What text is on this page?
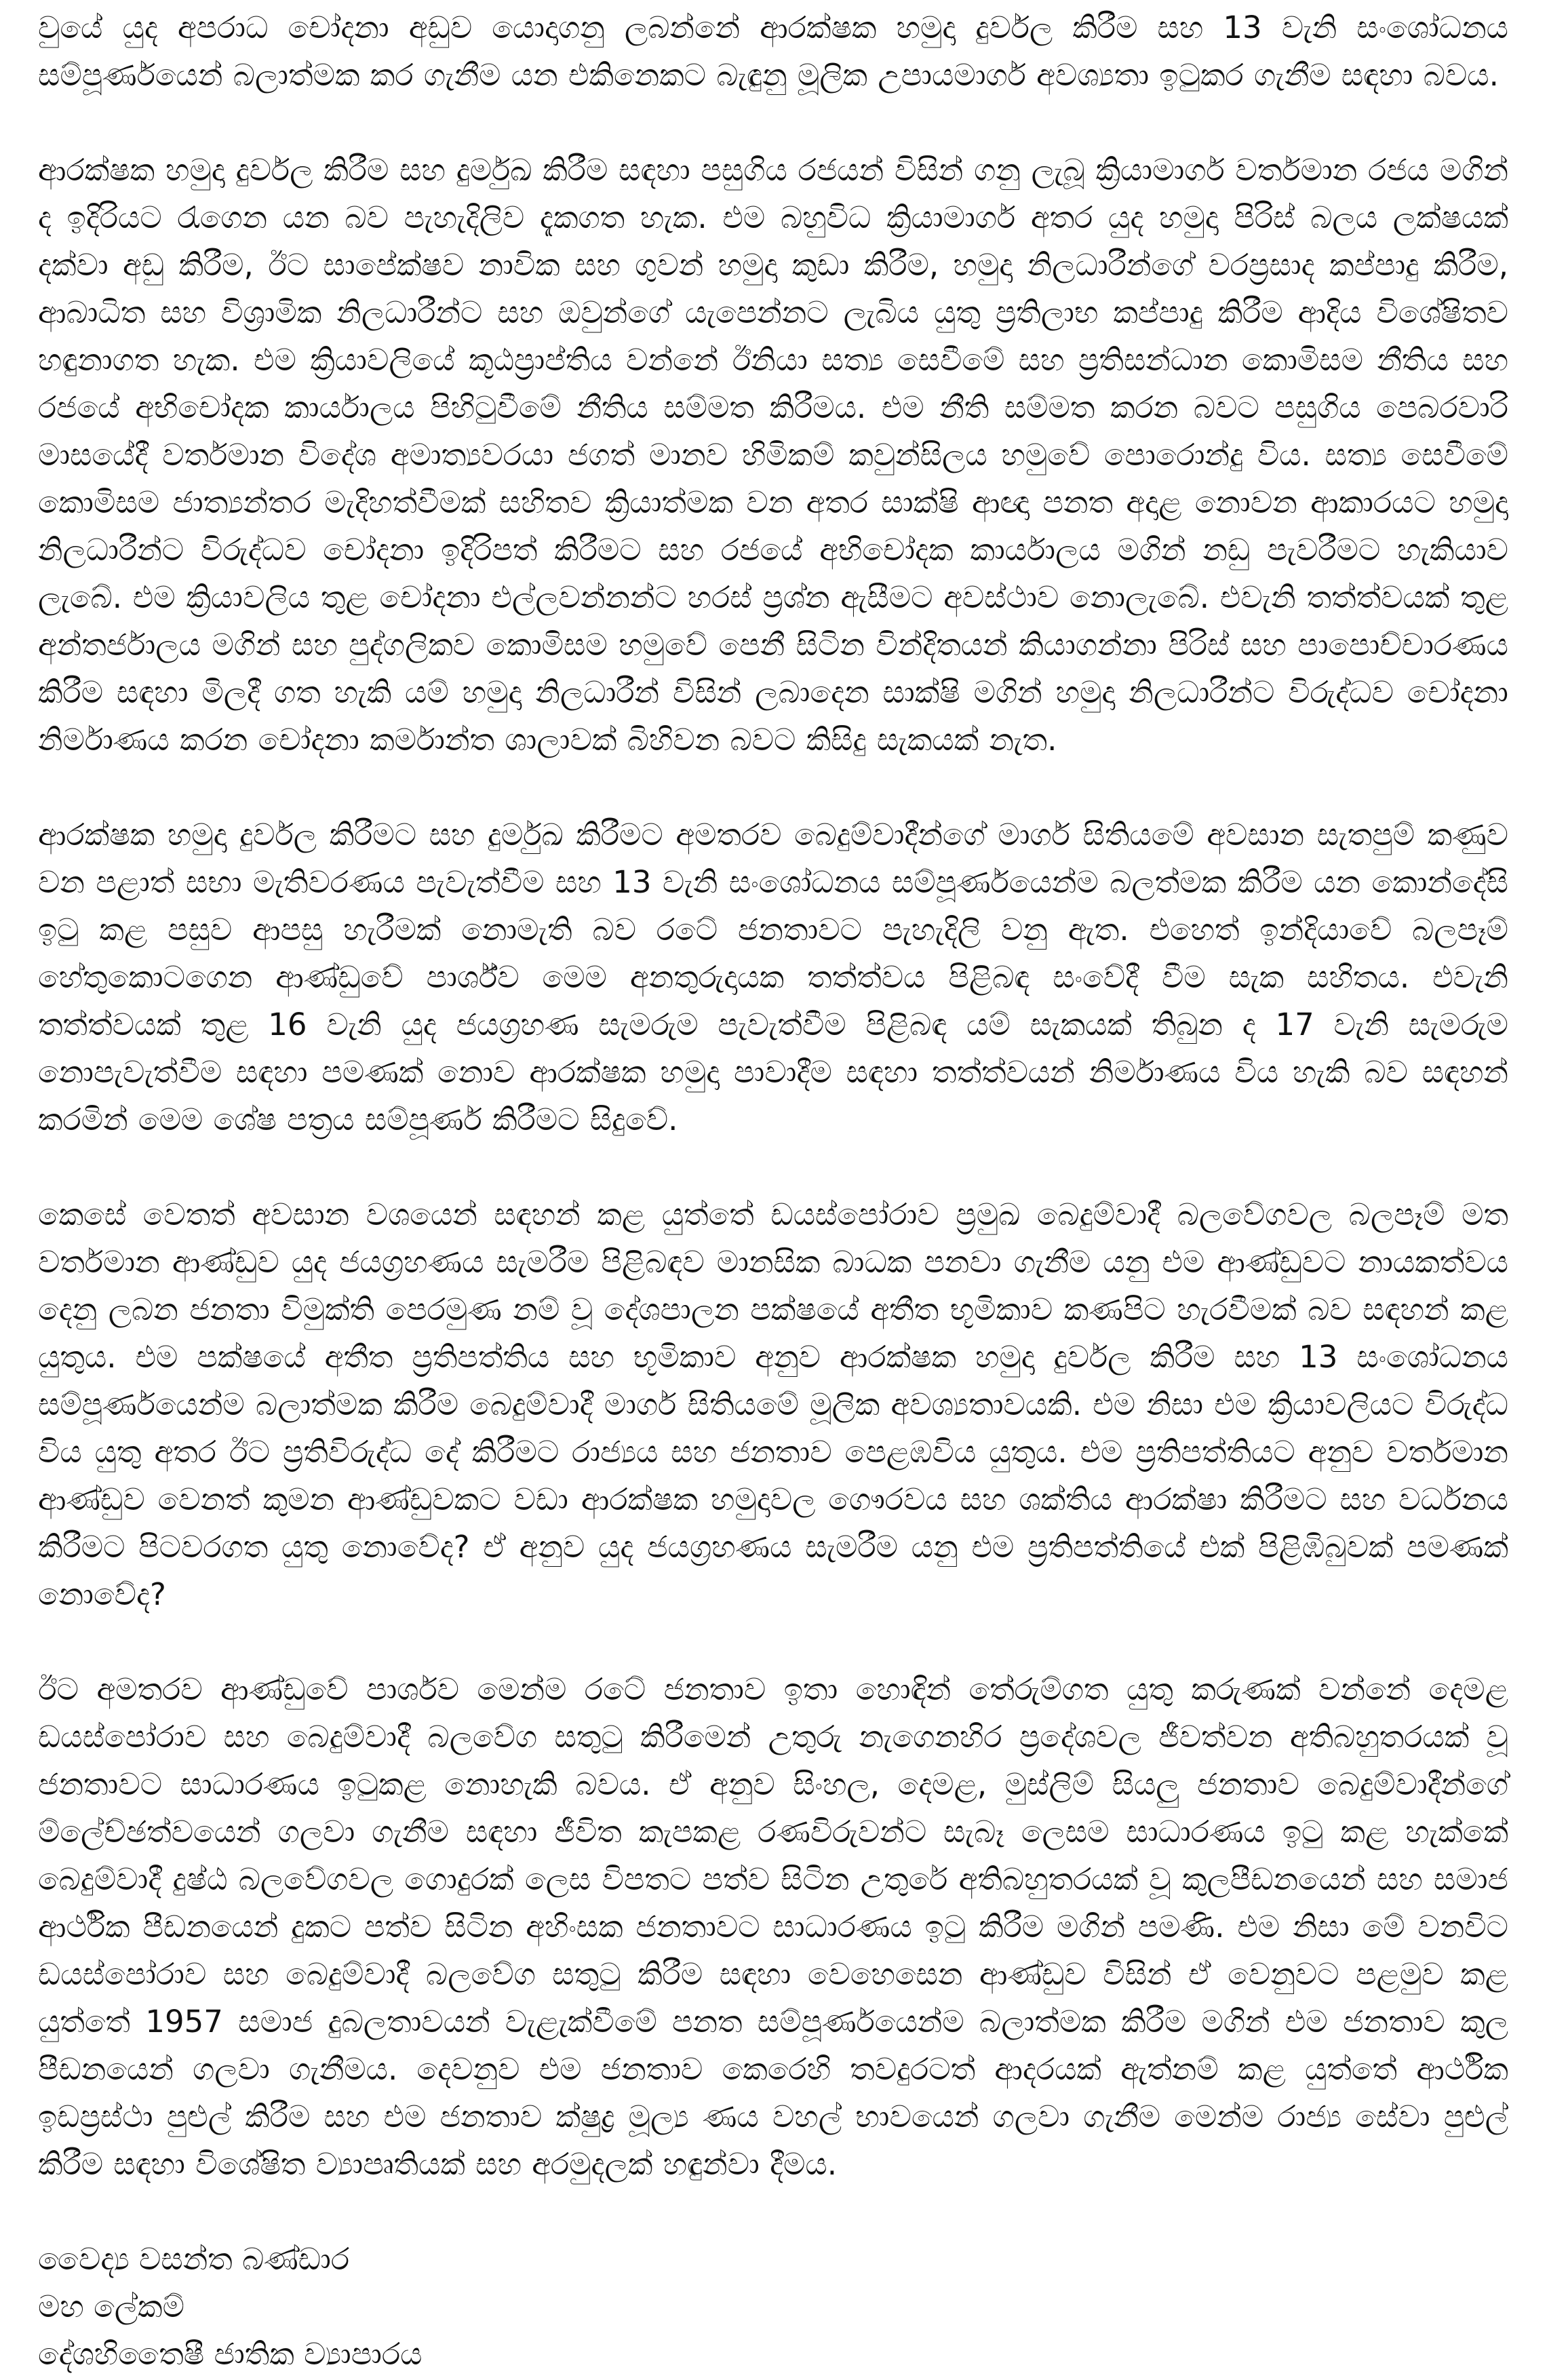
වුයේ යුද අපරාධ චෝදනා අඩුව යොදාගනු ලබන්නේ ආරක්ෂක හමුදා දුර්වල කිරීම සහ 13 වැනි සංශෝධනය සම්පූර්ණයෙන් බලාත්මක කර ගැනීම යන එකිනෙකට බැඳුනු මූලික උපායමාර්ග අවශ්‍යතා ඉටුකර ගැනීම සඳහා බවය.

ආරක්ෂක හමුදා දුර්වල කිරීම සහ දුර්මුඛ කිරීම සඳහා පසුගිය රජයන් විසින් ගනු ලැබූ ක්‍රියාමාර්ග වර්තමාන රජය මගින් ද ඉදිරියට රැගෙන යන බව පැහැදිලිව දැකගත හැක. එම බහුවිධ ක්‍රියාමාර්ග අතර යුද හමුදා පිරිස් බලය ලක්ෂයක් දක්වා අඩු කිරීම, ඊට සාපේක්ෂව නාවික සහ ගුවන් හමුදා කුඩා කිරීම, හමුදා නිලධාරීන්ගේ වරප්‍රසාද කප්පාදු කිරීම, ආබාධිත සහ විශ්‍රාමික නිලධාරීන්ට සහ ඔවුන්ගේ යැපෙන්නට ලැබිය යුතු ප්‍රතිලාභ කප්පාදු කිරීම ආදිය විශේෂිතව හඳුනාගත හැක. එම ක්‍රියාවලියේ කූඨප්‍රාප්තිය වන්නේ ඊනියා සත්‍ය සෙවීමේ සහ ප්‍රතිසන්ධාන කොමිසම නීතිය සහ රජයේ අභිචෝදක කාර්යාලය පිහිටුවීමේ නීතිය සම්මත කිරීමය. එම නීති සම්මත කරන බවට පසුගිය පෙබරවාරි මාසයේදී වර්තමාන විදේශ අමාත්‍යවරයා ජගත් මානව හිමිකම් කවුන්සිලය හමුවේ පොරොන්දු විය. සත්‍ය සෙවීමේ කොමිසම ජාත්‍යන්තර මැදිහත්වීමක් සහිතව ක්‍රියාත්මක වන අතර සාක්ෂි ආඥා පනත අදාළ නොවන ආකාරයට හමුදා නිලධාරීන්ට විරුද්ධව චෝදනා ඉදිරිපත් කිරීමට සහ රජයේ අභිචෝදක කාර්යාලය මගින් නඩු පැවරීමට හැකියාව ලැබේ. එම ක්‍රියාවලිය තුළ චෝදනා එල්ලවන්නන්ට හරස් ප්‍රශ්න ඇසීමට අවස්ථාව නොලැබේ. එවැනි තත්ත්වයක් තුළ අන්තර්ජාලය මගින් සහ පුද්ගලිකව කොමිසම හමුවේ පෙනී සිටින වින්දිතයන් කියාගන්නා පිරිස් සහ පාපොච්චාරණය කිරීම සඳහා මිලදී ගත හැකි යම් හමුදා නිලධාරීන් විසින් ලබාදෙන සාක්ෂි මගින් හමුදා නිලධාරීන්ට විරුද්ධව චෝදනා නිර්මාණය කරන චෝදනා කර්මාන්ත ශාලාවක් බිහිවන බවට කිසිදු සැකයක් නැත.

ආරක්ෂක හමුදා දුර්වල කිරීමට සහ දුර්මුඛ කිරීමට අමතරව බෙදුම්වාදීන්ගේ මාර්ග සිතියමේ අවසාන සැතපුම් කණුව වන පළාත් සභා මැතිවරණය පැවැත්වීම සහ 13 වැනි සංශෝධනය සම්පූර්ණයෙන්ම බලත්මක කිරීම යන කොන්දේසි ඉටු කළ පසුව ආපසු හැරීමක් නොමැති බව රටේ ජනතාවට පැහැදිලි වනු ඇත. එහෙත් ඉන්දියාවේ බලපෑම් හේතුකොටගෙන ආණ්ඩුවේ පාර්ශ්ව මෙම අනතුරුදායක තත්ත්වය පිළිබඳ සංවේදී වීම සැක සහිතය. එවැනි තත්ත්වයක් තුළ 16 වැනි යුද ජයග්‍රහණ සැමරුම පැවැත්වීම පිළිබඳ යම් සැකයක් තිබුන ද 17 වැනි සැමරුම නොපැවැත්වීම සඳහා පමණක් නොව ආරක්ෂක හමුදා පාවාදීම සඳහා තත්ත්වයන් නිර්මාණය විය හැකි බව සඳහන් කරමින් මෙම ශේෂ පත්‍රය සම්පූර්ණ කිරීමට සිදුවේ.

කෙසේ වෙතත් අවසාන වශයෙන් සඳහන් කළ යුත්තේ ඩයස්පෝරාව ප්‍රමුඛ බෙදුම්වාදී බලවේගවල බලපෑම් මත වර්තමාන ආණ්ඩුව යුද ජයග්‍රහණය සැමරීම පිළිබඳව මානසික බාධක පනවා ගැනීම යනු එම ආණ්ඩුවට නායකත්වය දෙනු ලබන ජනතා විමුක්ති පෙරමුණ නම් වූ දේශපාලන පක්ෂයේ අතීත භූමිකාව කණපිට හැරවීමක් බව සඳහන් කළ යුතුය. එම පක්ෂයේ අතීත ප්‍රතිපත්තිය සහ භූමිකාව අනුව ආරක්ෂක හමුදා දුර්වල කිරීම සහ 13 සංශෝධනය සම්පූර්ණයෙන්ම බලාත්මක කිරීම බෙදුම්වාදී මාර්ග සිතියමේ මූලික අවශ්‍යතාවයකි. එම නිසා එම ක්‍රියාවලියට විරුද්ධ විය යුතු අතර ඊට ප්‍රතිවිරුද්ධ දේ කිරීමට රාජ්‍යය සහ ජනතාව පෙළඹවිය යුතුය. එම ප්‍රතිපත්තියට අනුව වර්තමාන ආණ්ඩුව වෙනත් කුමන ආණ්ඩුවකට වඩා ආරක්ෂක හමුදාවල ගෞරවය සහ ශක්තිය ආරක්ෂා කිරීමට සහ වර්ධනය කිරීමට පිටවරගත යුතු නොවේද? ඒ අනුව යුද ජයග්‍රහණය සැමරීම යනු එම ප්‍රතිපත්තියේ එක් පිළිඹිබුවක් පමණක් නොවේද?

ඊට අමතරව ආණ්ඩුවේ පාර්ශව මෙන්ම රටේ ජනතාව ඉතා හොඳින් තේරුම්ගත යුතු කරුණක් වන්නේ දෙමළ ඩයස්පෝරාව සහ බෙදුම්වාදී බලවේග සතුටු කිරීමෙන් උතුරු නැගෙනහිර ප්‍රදේශවල ජීවත්වන අතිබහුතරයක් වූ ජනතාවට සාධාරණය ඉටුකළ නොහැකි බවය. ඒ අනුව සිංහල, දෙමළ, මුස්ලිම් සියලු ජනතාව බෙදුම්වාදීන්ගේ ම්ලේච්ඡත්වයෙන් ගලවා ගැනීම සඳහා ජීවිත කැපකළ රණවිරුවන්ට සැබෑ ලෙසම සාධාරණය ඉටු කළ හැක්කේ බෙදුම්වාදී දුෂ්ඨ බලවේගවල ගොදුරක් ලෙස විපතට පත්ව සිටින උතුරේ අතිබහුතරයක් වූ කුලපීඩනයෙන් සහ සමාජ ආර්ථික පීඩනයෙන් දුකට පත්ව සිටින අහිංසක ජනතාවට සාධාරණය ඉටු කිරීම මගින් පමණි. එම නිසා මේ වනවිට ඩයස්පෝරාව සහ බෙදුම්වාදී බලවේග සතුටු කිරීම සඳහා වෙහෙසෙන ආණ්ඩුව විසින් ඒ වෙනුවට පළමුව කළ යුත්තේ 1957 සමාජ දුබලතාවයන් වැළැක්වීමේ පනත සම්පූර්ණයෙන්ම බලාත්මක කිරීම මගින් එම ජනතාව කුල පීඩනයෙන් ගලවා ගැනීමය. දෙවනුව එම ජනතාව කෙරෙහි තවදුරටත් ආදරයක් ඇත්නම් කළ යුත්තේ ආර්ථික ඉඩප්‍රස්ථා පුළුල් කිරීම සහ එම ජනතාව ක්ෂුද්‍ර මූල්‍ය ණය වහල් භාවයෙන් ගලවා ගැනීම මෙන්ම රාජ්‍ය සේවා පුළුල් කිරීම සඳහා විශේෂිත ව්‍යාපෘතියක් සහ අරමුදලක් හඳුන්වා දීමය.

වෛද්‍ය වසන්ත බණ්ඩාර
මහ ලේකම්
දේශහිතෛෂී ජාතික ව්‍යාපාරය
